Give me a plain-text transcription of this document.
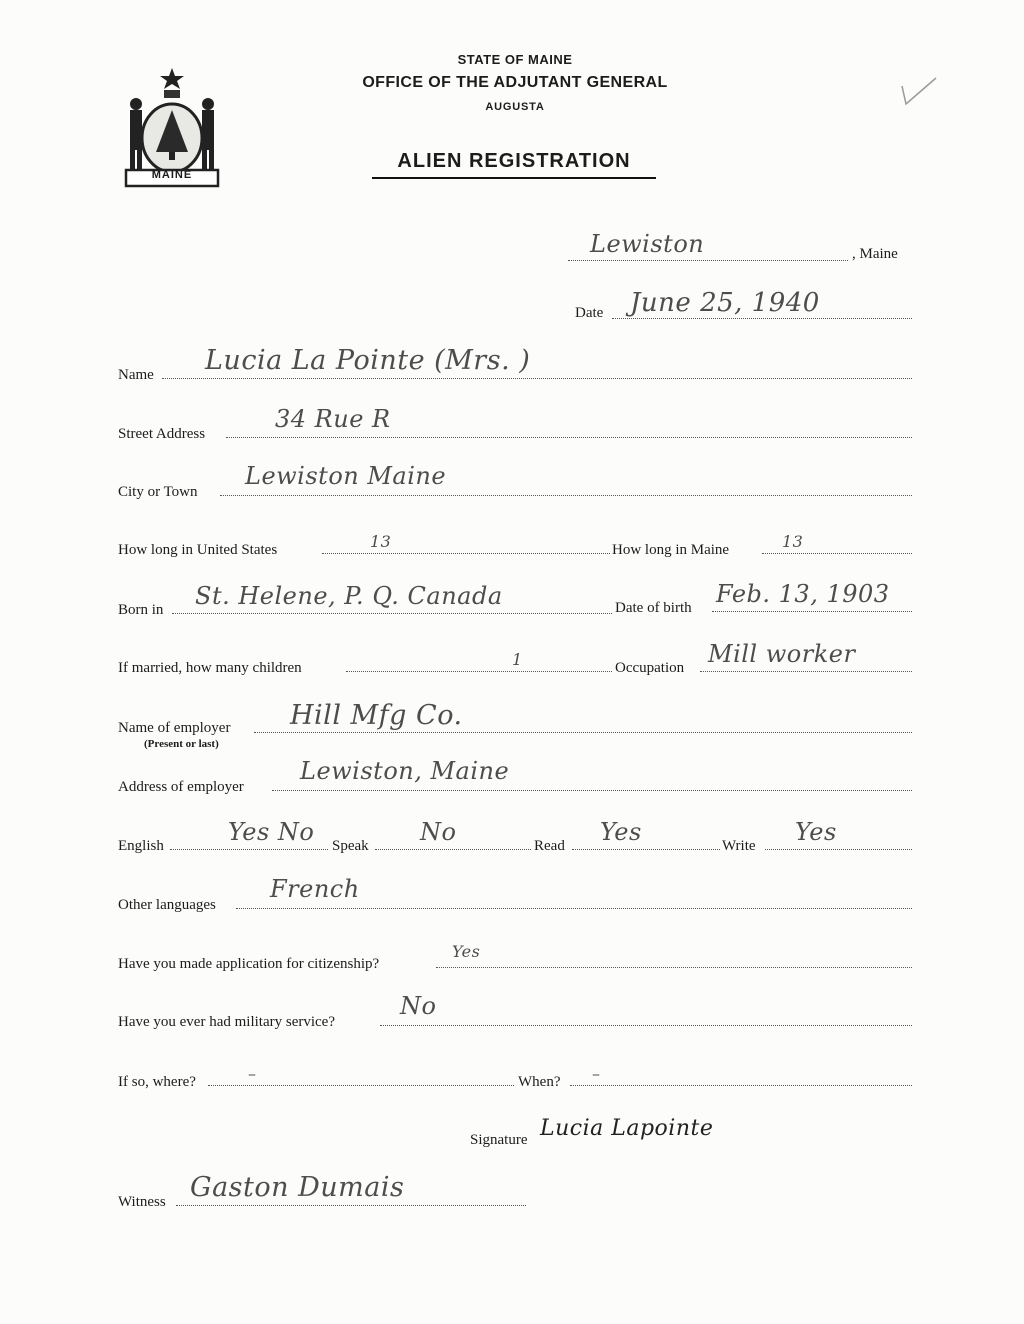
MAINE
STATE OF MAINE
OFFICE OF THE ADJUTANT GENERAL
AUGUSTA
ALIEN REGISTRATION
Lewiston	, Maine
Date June 25, 1940
Name Lucia La Pointe (Mrs. )
Street Address
34 Rue R
City or Town
Lewiston Maine
How long in United States	13	How long in Maine	13
Born in St. Helene, P. Q. Canada	Date of birth Feb. 13, 1903
If married, how many children	1	Occupation Mill worker
Name of employer
(Present or last)
Hill Mfg Co.
Address of employer
Lewiston, Maine
English	Yes No Speak No	Read Yes	Write Yes
Other languages
French
Have you made application for citizenship?
Yes
Have you ever had military service?
No
If so, where?	–	When? –
Signature Lucia Lapointe
Witness Gaston Dumais
